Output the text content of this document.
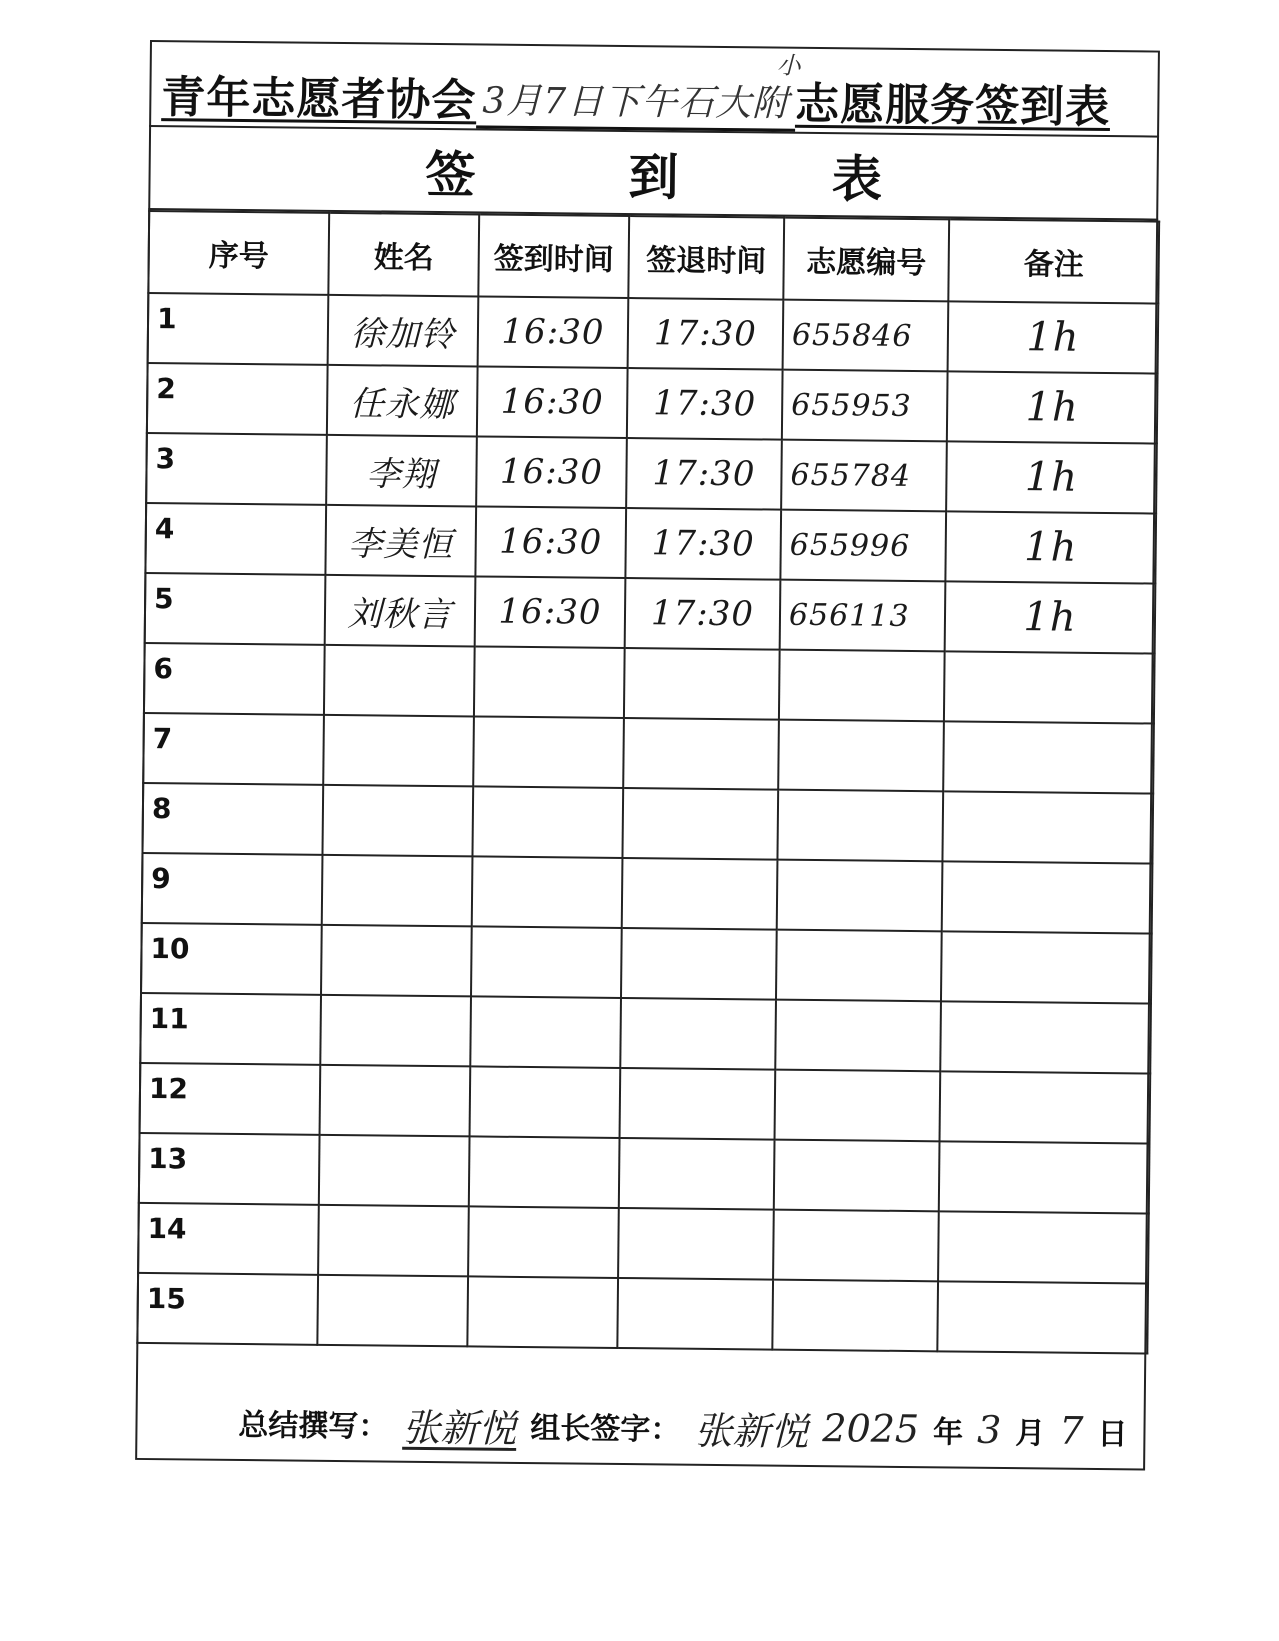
青年志愿者协会 3月7日下午石大附
小
志愿服务签到表
签	到	表
序号	姓名	签到时间	签退时间	志愿编号	备注
1	徐加铃	16:30	17:30	655846	1h
2	任永娜	16:30	17:30	655953	1h
3	李翔	16:30	17:30	655784	1h
4	李美恒	16:30	17:30	655996	1h
5	刘秋言	16:30	17:30	656113	1h
6					
7					
8					
9					
10					
11					
12					
13					
14					
15					
总结撰写： 张新悦 组长签字： 张新悦 2025 年 3 月 7 日
